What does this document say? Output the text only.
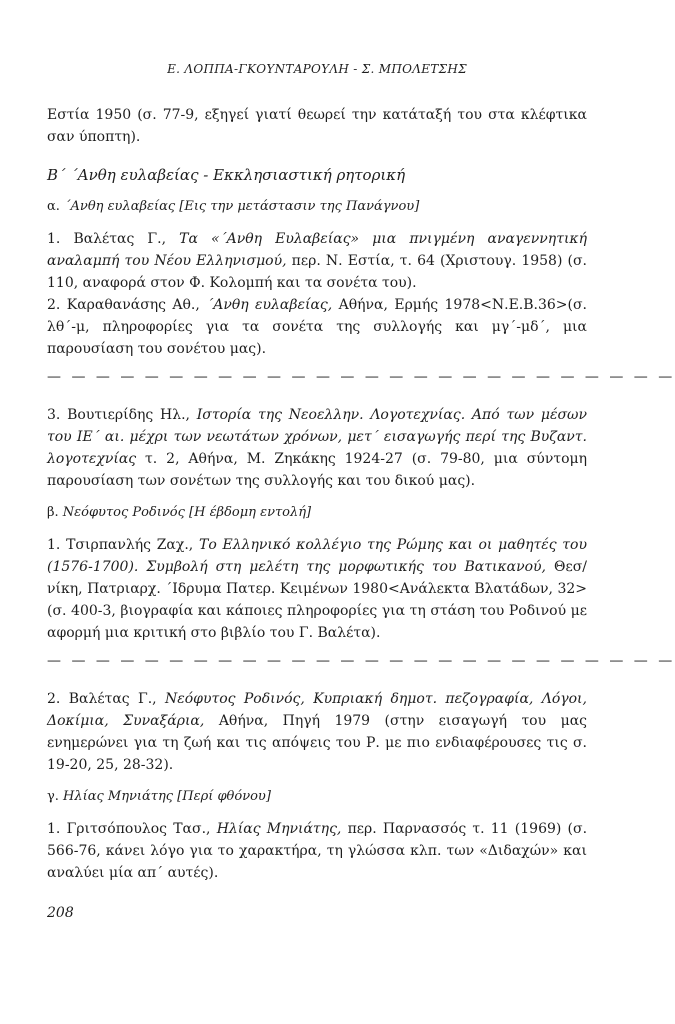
Ε. ΛΟΠΠΑ-ΓΚΟΥΝΤΑΡΟΥΛΗ - Σ. ΜΠΟΛΕΤΣΗΣ

Εστία 1950 (σ. 77-9, εξηγεί γιατί θεωρεί την κατάταξή του στα κλέφτικα σαν ύποπτη).

Β΄ ΄Ανθη ευλαβείας - Εκκλησιαστική ρητορική

α. ΄Ανθη ευλαβείας [Εις την μετάστασιν της Πανάγνου]

1. Βαλέτας Γ., Τα «΄Ανθη Ευλαβείας» μια πνιγμένη αναγεννητική αναλαμπή του Νέου Ελληνισμού, περ. Ν. Εστία, τ. 64 (Χριστουγ. 1958) (σ. 110, αναφορά στον Φ. Κολομπή και τα σονέτα του).

2. Καραθανάσης Αθ., ΄Ανθη ευλαβείας, Αθήνα, Ερμής 1978<Ν.Ε.Β.36>(σ. λθ΄-μ, πληροφορίες για τα σονέτα της συλλογής και μγ΄-μδ΄, μια παρουσίαση του σονέτου μας).

— — — — — — — — — — — — — — — — — — — — — — — — — —

3. Βουτιερίδης Ηλ., Ιστορία της Νεοελλην. Λογοτεχνίας. Από των μέσων του ΙΕ΄ αι. μέχρι των νεωτάτων χρόνων, μετ΄ εισαγωγής περί της Βυζαντ. λογοτεχνίας τ. 2, Αθήνα, Μ. Ζηκάκης 1924-27 (σ. 79-80, μια σύντομη παρουσίαση των σονέτων της συλλογής και του δικού μας).

β. Νεόφυτος Ροδινός [Η έβδομη εντολή]

1. Τσιρπανλής Ζαχ., Το Ελληνικό κολλέγιο της Ρώμης και οι μαθητές του (1576-1700). Συμβολή στη μελέτη της μορφωτικής του Βατικανού, Θεσ/νίκη, Πατριαρχ. ΄Ιδρυμα Πατερ. Κειμένων 1980<Ανάλεκτα Βλατάδων, 32> (σ. 400-3, βιογραφία και κάποιες πληροφορίες για τη στάση του Ροδινού με αφορμή μια κριτική στο βιβλίο του Γ. Βαλέτα).

— — — — — — — — — — — — — — — — — — — — — — — — — —

2. Βαλέτας Γ., Νεόφυτος Ροδινός, Κυπριακή δημοτ. πεζογραφία, Λόγοι, Δοκίμια, Συναξάρια, Αθήνα, Πηγή 1979 (στην εισαγωγή του μας ενημερώνει για τη ζωή και τις απόψεις του Ρ. με πιο ενδιαφέρουσες τις σ. 19-20, 25, 28-32).

γ. Ηλίας Μηνιάτης [Περί φθόνου]

1. Γριτσόπουλος Τασ., Ηλίας Μηνιάτης, περ. Παρνασσός τ. 11 (1969) (σ. 566-76, κάνει λόγο για το χαρακτήρα, τη γλώσσα κλπ. των «Διδαχών» και αναλύει μία απ΄ αυτές).

208
